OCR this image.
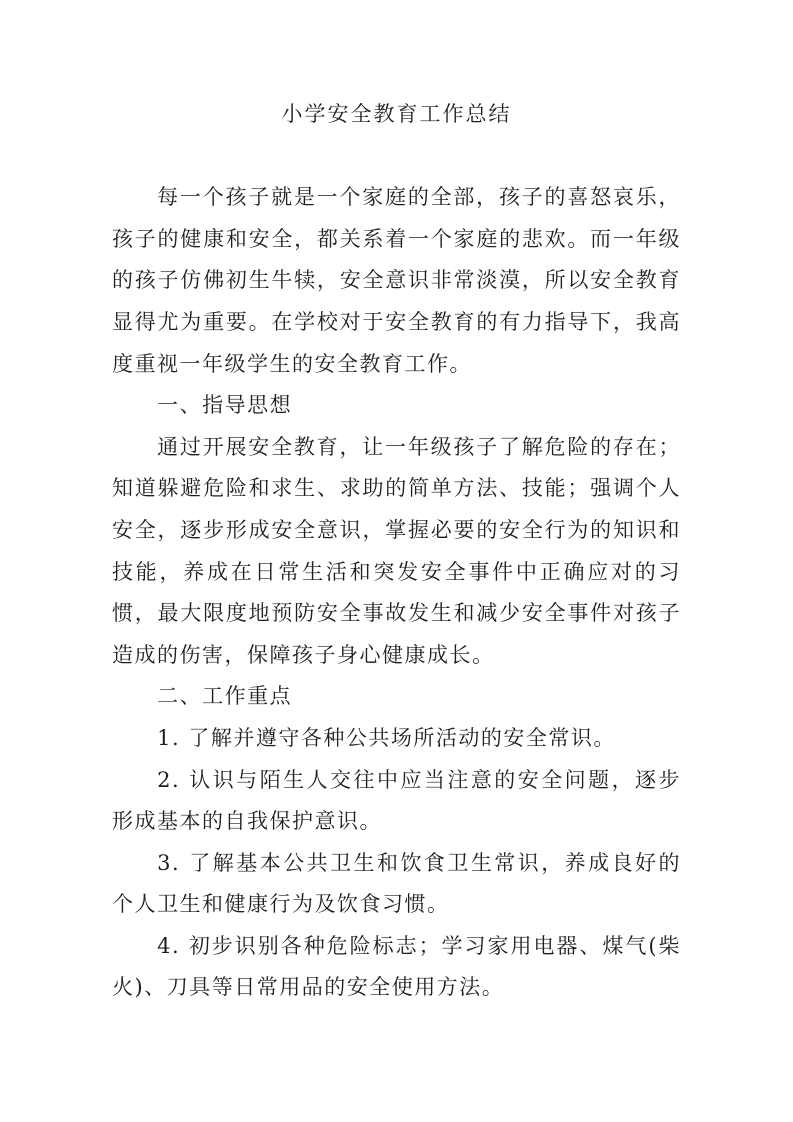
小学安全教育工作总结

每一个孩子就是一个家庭的全部，孩子的喜怒哀乐，孩子的健康和安全，都关系着一个家庭的悲欢。而一年级的孩子仿佛初生牛犊，安全意识非常淡漠，所以安全教育显得尤为重要。在学校对于安全教育的有力指导下，我高度重视一年级学生的安全教育工作。

一、指导思想

通过开展安全教育，让一年级孩子了解危险的存在；知道躲避危险和求生、求助的简单方法、技能；强调个人安全，逐步形成安全意识，掌握必要的安全行为的知识和技能，养成在日常生活和突发安全事件中正确应对的习惯，最大限度地预防安全事故发生和减少安全事件对孩子造成的伤害，保障孩子身心健康成长。

二、工作重点

1. 了解并遵守各种公共场所活动的安全常识。

2. 认识与陌生人交往中应当注意的安全问题，逐步形成基本的自我保护意识。

3. 了解基本公共卫生和饮食卫生常识，养成良好的个人卫生和健康行为及饮食习惯。

4. 初步识别各种危险标志；学习家用电器、煤气(柴火)、刀具等日常用品的安全使用方法。
